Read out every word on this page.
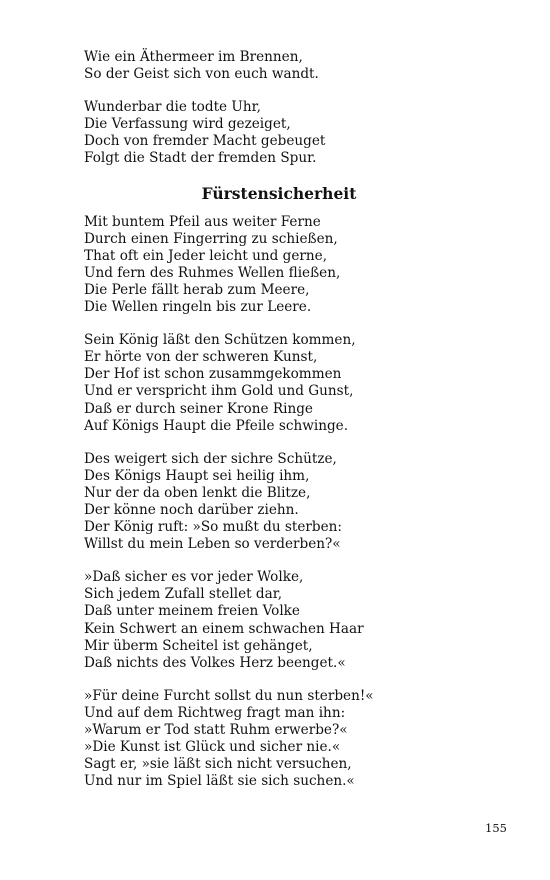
Wie ein Äthermeer im Brennen,
So der Geist sich von euch wandt.
Wunderbar die todte Uhr,
Die Verfassung wird gezeiget,
Doch von fremder Macht gebeuget
Folgt die Stadt der fremden Spur.
Fürstensicherheit
Mit buntem Pfeil aus weiter Ferne
Durch einen Fingerring zu schießen,
That oft ein Jeder leicht und gerne,
Und fern des Ruhmes Wellen fließen,
Die Perle fällt herab zum Meere,
Die Wellen ringeln bis zur Leere.
Sein König läßt den Schützen kommen,
Er hörte von der schweren Kunst,
Der Hof ist schon zusammgekommen
Und er verspricht ihm Gold und Gunst,
Daß er durch seiner Krone Ringe
Auf Königs Haupt die Pfeile schwinge.
Des weigert sich der sichre Schütze,
Des Königs Haupt sei heilig ihm,
Nur der da oben lenkt die Blitze,
Der könne noch darüber ziehn.
Der König ruft: »So mußt du sterben:
Willst du mein Leben so verderben?«
»Daß sicher es vor jeder Wolke,
Sich jedem Zufall stellet dar,
Daß unter meinem freien Volke
Kein Schwert an einem schwachen Haar
Mir überm Scheitel ist gehänget,
Daß nichts des Volkes Herz beenget.«
»Für deine Furcht sollst du nun sterben!«
Und auf dem Richtweg fragt man ihn:
»Warum er Tod statt Ruhm erwerbe?«
»Die Kunst ist Glück und sicher nie.«
Sagt er, »sie läßt sich nicht versuchen,
Und nur im Spiel läßt sie sich suchen.«
155
